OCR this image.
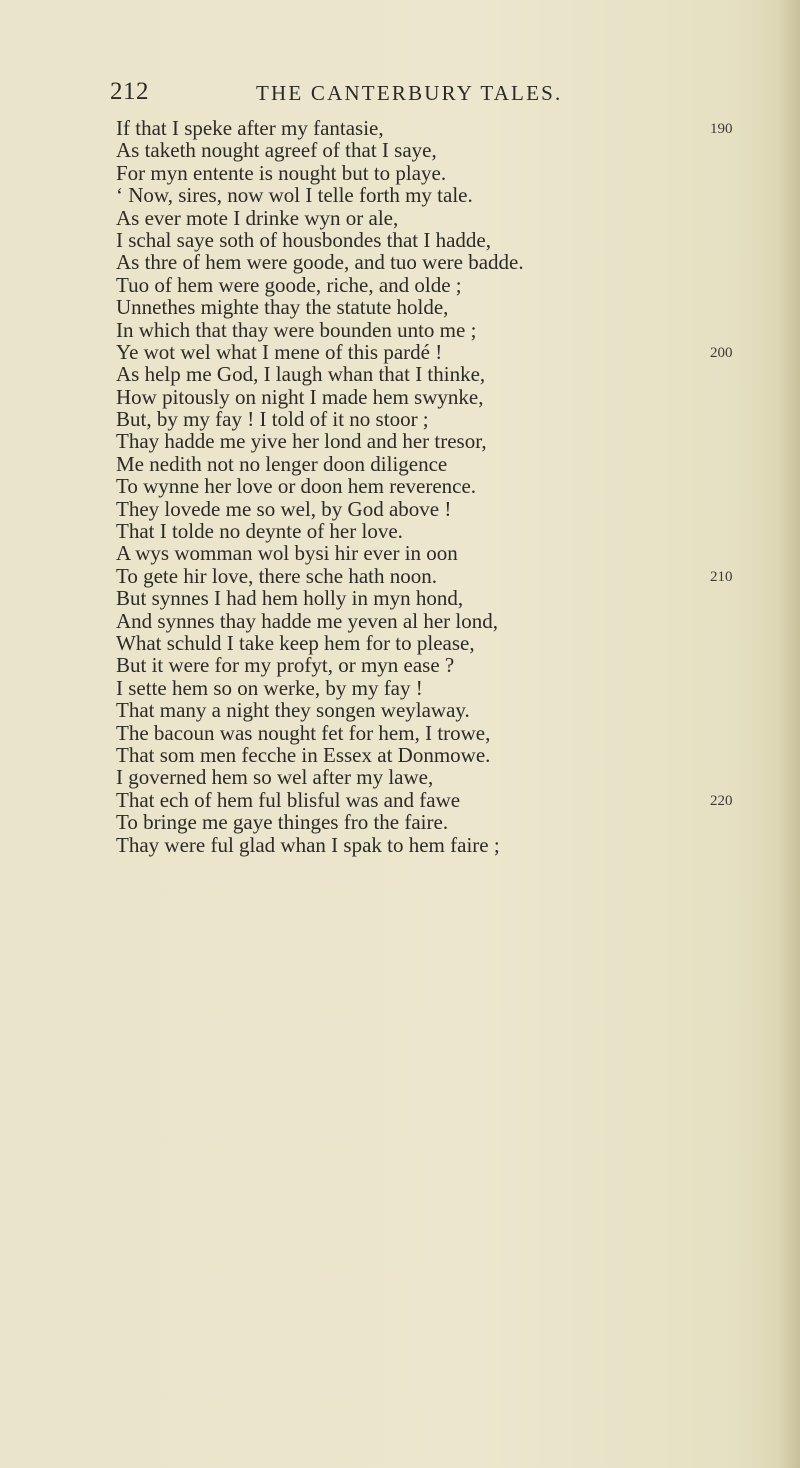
212	THE CANTERBURY TALES.
If that I speke after my fantasie,	190
As taketh nought agreef of that I saye,
For myn entente is nought but to playe.
‘ Now, sires, now wol I telle forth my tale.
As ever mote I drinke wyn or ale,
I schal saye soth of housbondes that I hadde,
As thre of hem were goode, and tuo were badde.
Tuo of hem were goode, riche, and olde ;
Unnethes mighte thay the statute holde,
In which that thay were bounden unto me ;
Ye wot wel what I mene of this pardé !	200
As help me God, I laugh whan that I thinke,
How pitously on night I made hem swynke,
But, by my fay ! I told of it no stoor ;
Thay hadde me yive her lond and her tresor,
Me nedith not no lenger doon diligence
To wynne her love or doon hem reverence.
They lovede me so wel, by God above !
That I tolde no deynte of her love.
A wys womman wol bysi hir ever in oon
To gete hir love, there sche hath noon.	210
But synnes I had hem holly in myn hond,
And synnes thay hadde me yeven al her lond,
What schuld I take keep hem for to please,
But it were for my profyt, or myn ease ?
I sette hem so on werke, by my fay !
That many a night they songen weylaway.
The bacoun was nought fet for hem, I trowe,
That som men fecche in Essex at Donmowe.
I governed hem so wel after my lawe,
That ech of hem ful blisful was and fawe	220
To bringe me gaye thinges fro the faire.
Thay were ful glad whan I spak to hem faire ;
